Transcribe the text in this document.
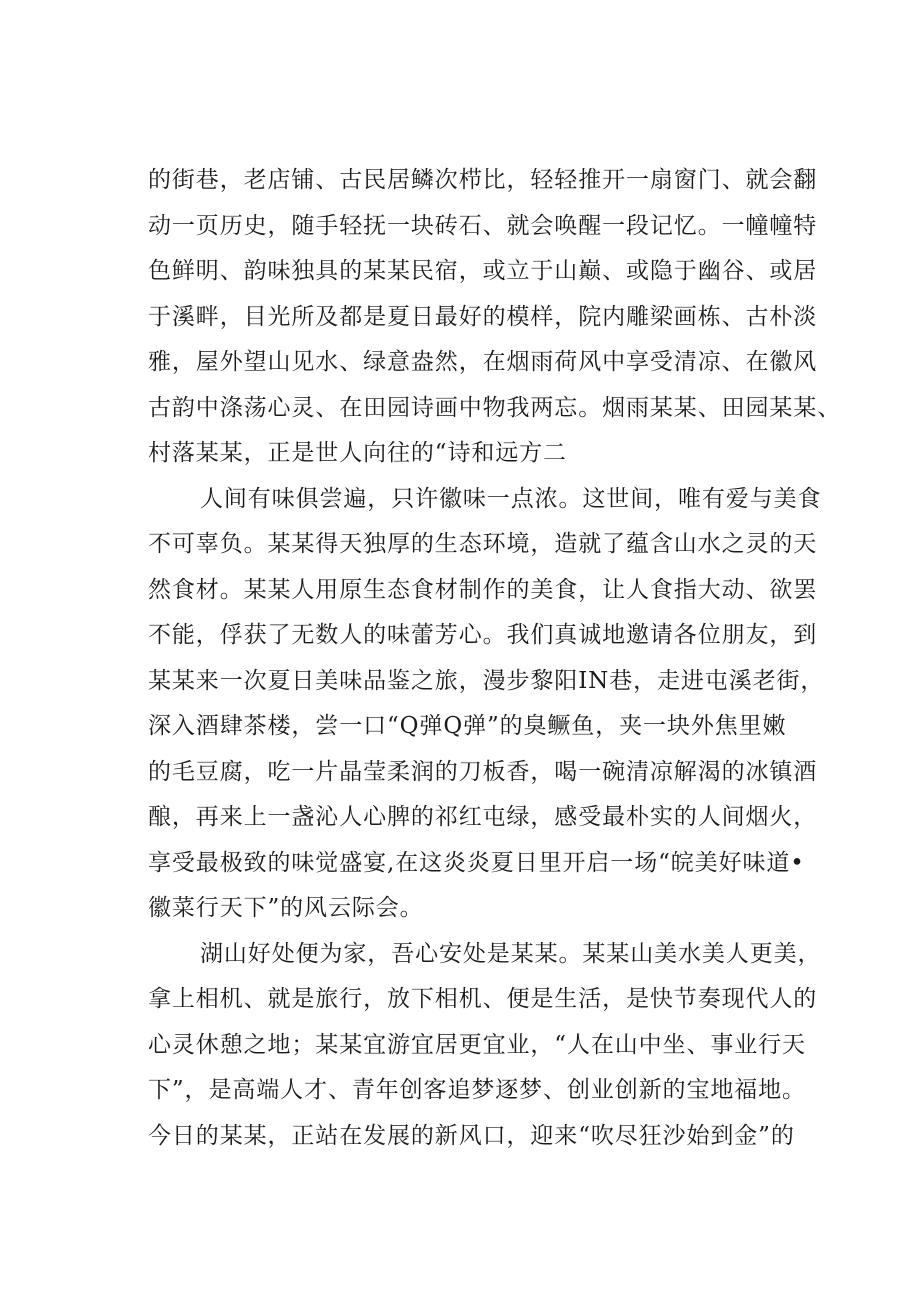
的街巷，老店铺、古民居鳞次栉比，轻轻推开一扇窗门、就会翻
动一页历史，随手轻抚一块砖石、就会唤醒一段记忆。一幢幢特
色鲜明、韵味独具的某某民宿，或立于山巅、或隐于幽谷、或居
于溪畔，目光所及都是夏日最好的模样，院内雕梁画栋、古朴淡
雅，屋外望山见水、绿意盎然，在烟雨荷风中享受清凉、在徽风
古韵中涤荡心灵、在田园诗画中物我两忘。烟雨某某、田园某某、
村落某某，正是世人向往的“诗和远方二
人间有味俱尝遍，只许徽味一点浓。这世间，唯有爱与美食
不可辜负。某某得天独厚的生态环境，造就了蕴含山水之灵的天
然食材。某某人用原生态食材制作的美食，让人食指大动、欲罢
不能，俘获了无数人的味蕾芳心。我们真诚地邀请各位朋友，到
某某来一次夏日美味品鉴之旅，漫步黎阳IN巷，走进屯溪老街，
深入酒肆茶楼，尝一口“Q弹Q弹”的臭鳜鱼，夹一块外焦里嫩
的毛豆腐，吃一片晶莹柔润的刀板香，喝一碗清凉解渴的冰镇酒
酿，再来上一盏沁人心脾的祁红屯绿，感受最朴实的人间烟火，
享受最极致的味觉盛宴,在这炎炎夏日里开启一场“皖美好味道•
徽菜行天下”的风云际会。
湖山好处便为家，吾心安处是某某。某某山美水美人更美，
拿上相机、就是旅行，放下相机、便是生活，是快节奏现代人的
心灵休憩之地；某某宜游宜居更宜业，“人在山中坐、事业行天
下”，是高端人才、青年创客追梦逐梦、创业创新的宝地福地。
今日的某某，正站在发展的新风口，迎来“吹尽狂沙始到金”的
